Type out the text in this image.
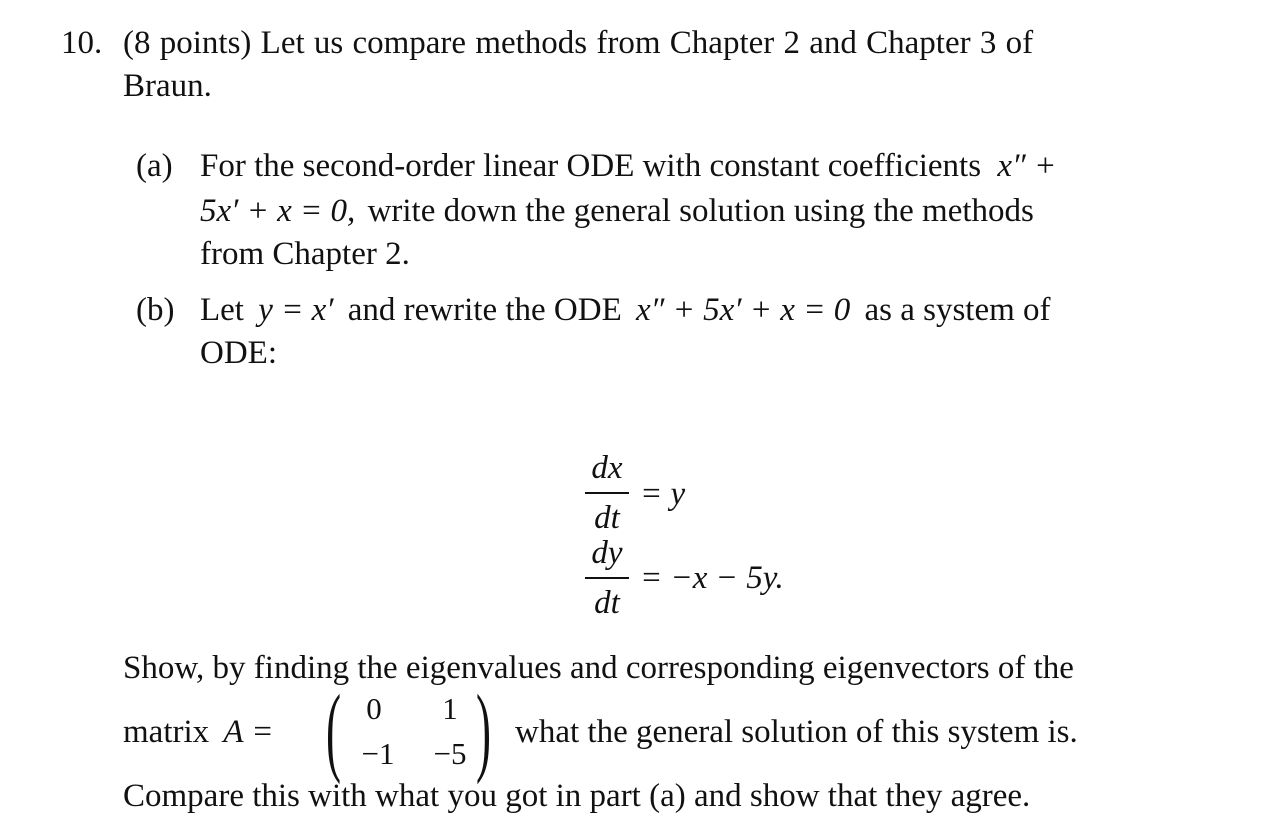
10. (8 points) Let us compare methods from Chapter 2 and Chapter 3 of
Braun.
(a) For the second-order linear ODE with constant coefficients x″ +
5x′ + x = 0, write down the general solution using the methods
from Chapter 2.
(b) Let y = x′ and rewrite the ODE x″ + 5x′ + x = 0 as a system of
ODE:
dx
dt
= y
dy
dt
= −x − 5y.
Show, by finding the eigenvalues and corresponding eigenvectors of the
matrix A = ( 0	1
−1	−5 ) what the general solution of this system is.
Compare this with what you got in part (a) and show that they agree.
